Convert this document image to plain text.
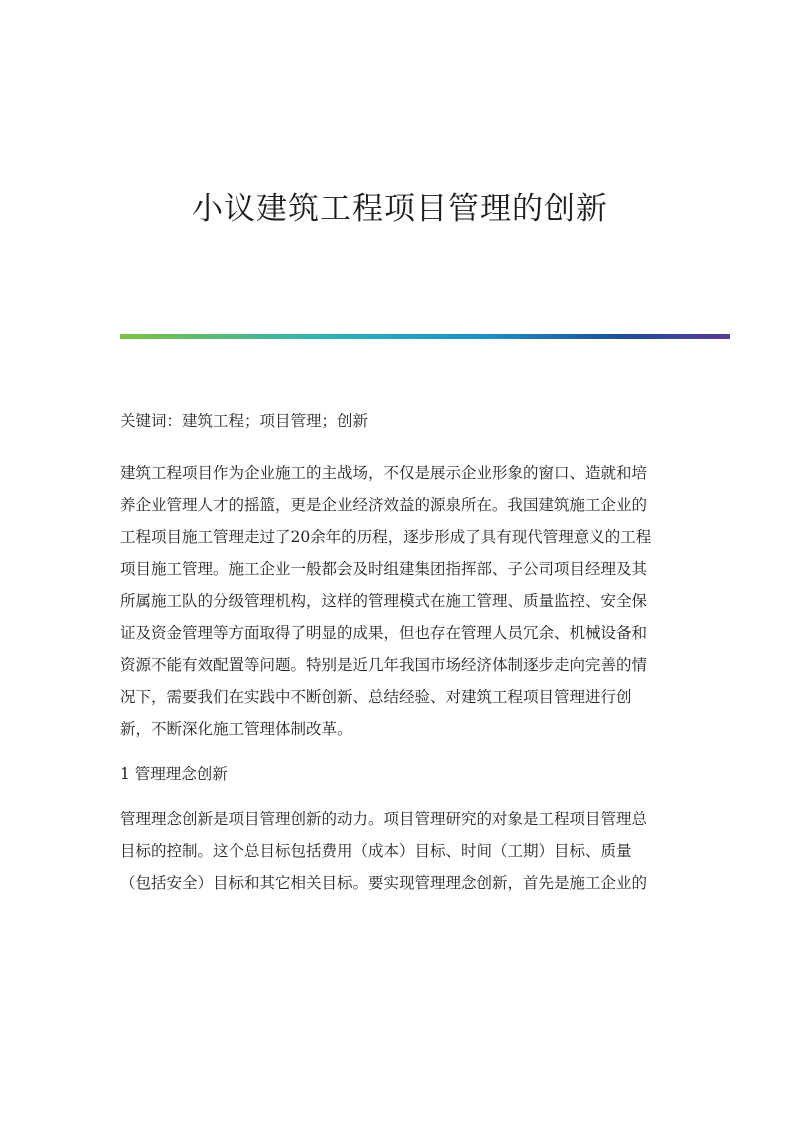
小议建筑工程项目管理的创新

关键词：建筑工程；项目管理；创新

建筑工程项目作为企业施工的主战场，不仅是展示企业形象的窗口、造就和培
养企业管理人才的摇篮，更是企业经济效益的源泉所在。我国建筑施工企业的
工程项目施工管理走过了20余年的历程，逐步形成了具有现代管理意义的工程
项目施工管理。施工企业一般都会及时组建集团指挥部、子公司项目经理及其
所属施工队的分级管理机构，这样的管理模式在施工管理、质量监控、安全保
证及资金管理等方面取得了明显的成果，但也存在管理人员冗余、机械设备和
资源不能有效配置等问题。特别是近几年我国市场经济体制逐步走向完善的情
况下，需要我们在实践中不断创新、总结经验、对建筑工程项目管理进行创
新，不断深化施工管理体制改革。

1 管理理念创新

管理理念创新是项目管理创新的动力。项目管理研究的对象是工程项目管理总
目标的控制。这个总目标包括费用（成本）目标、时间（工期）目标、质量
（包括安全）目标和其它相关目标。要实现管理理念创新，首先是施工企业的
